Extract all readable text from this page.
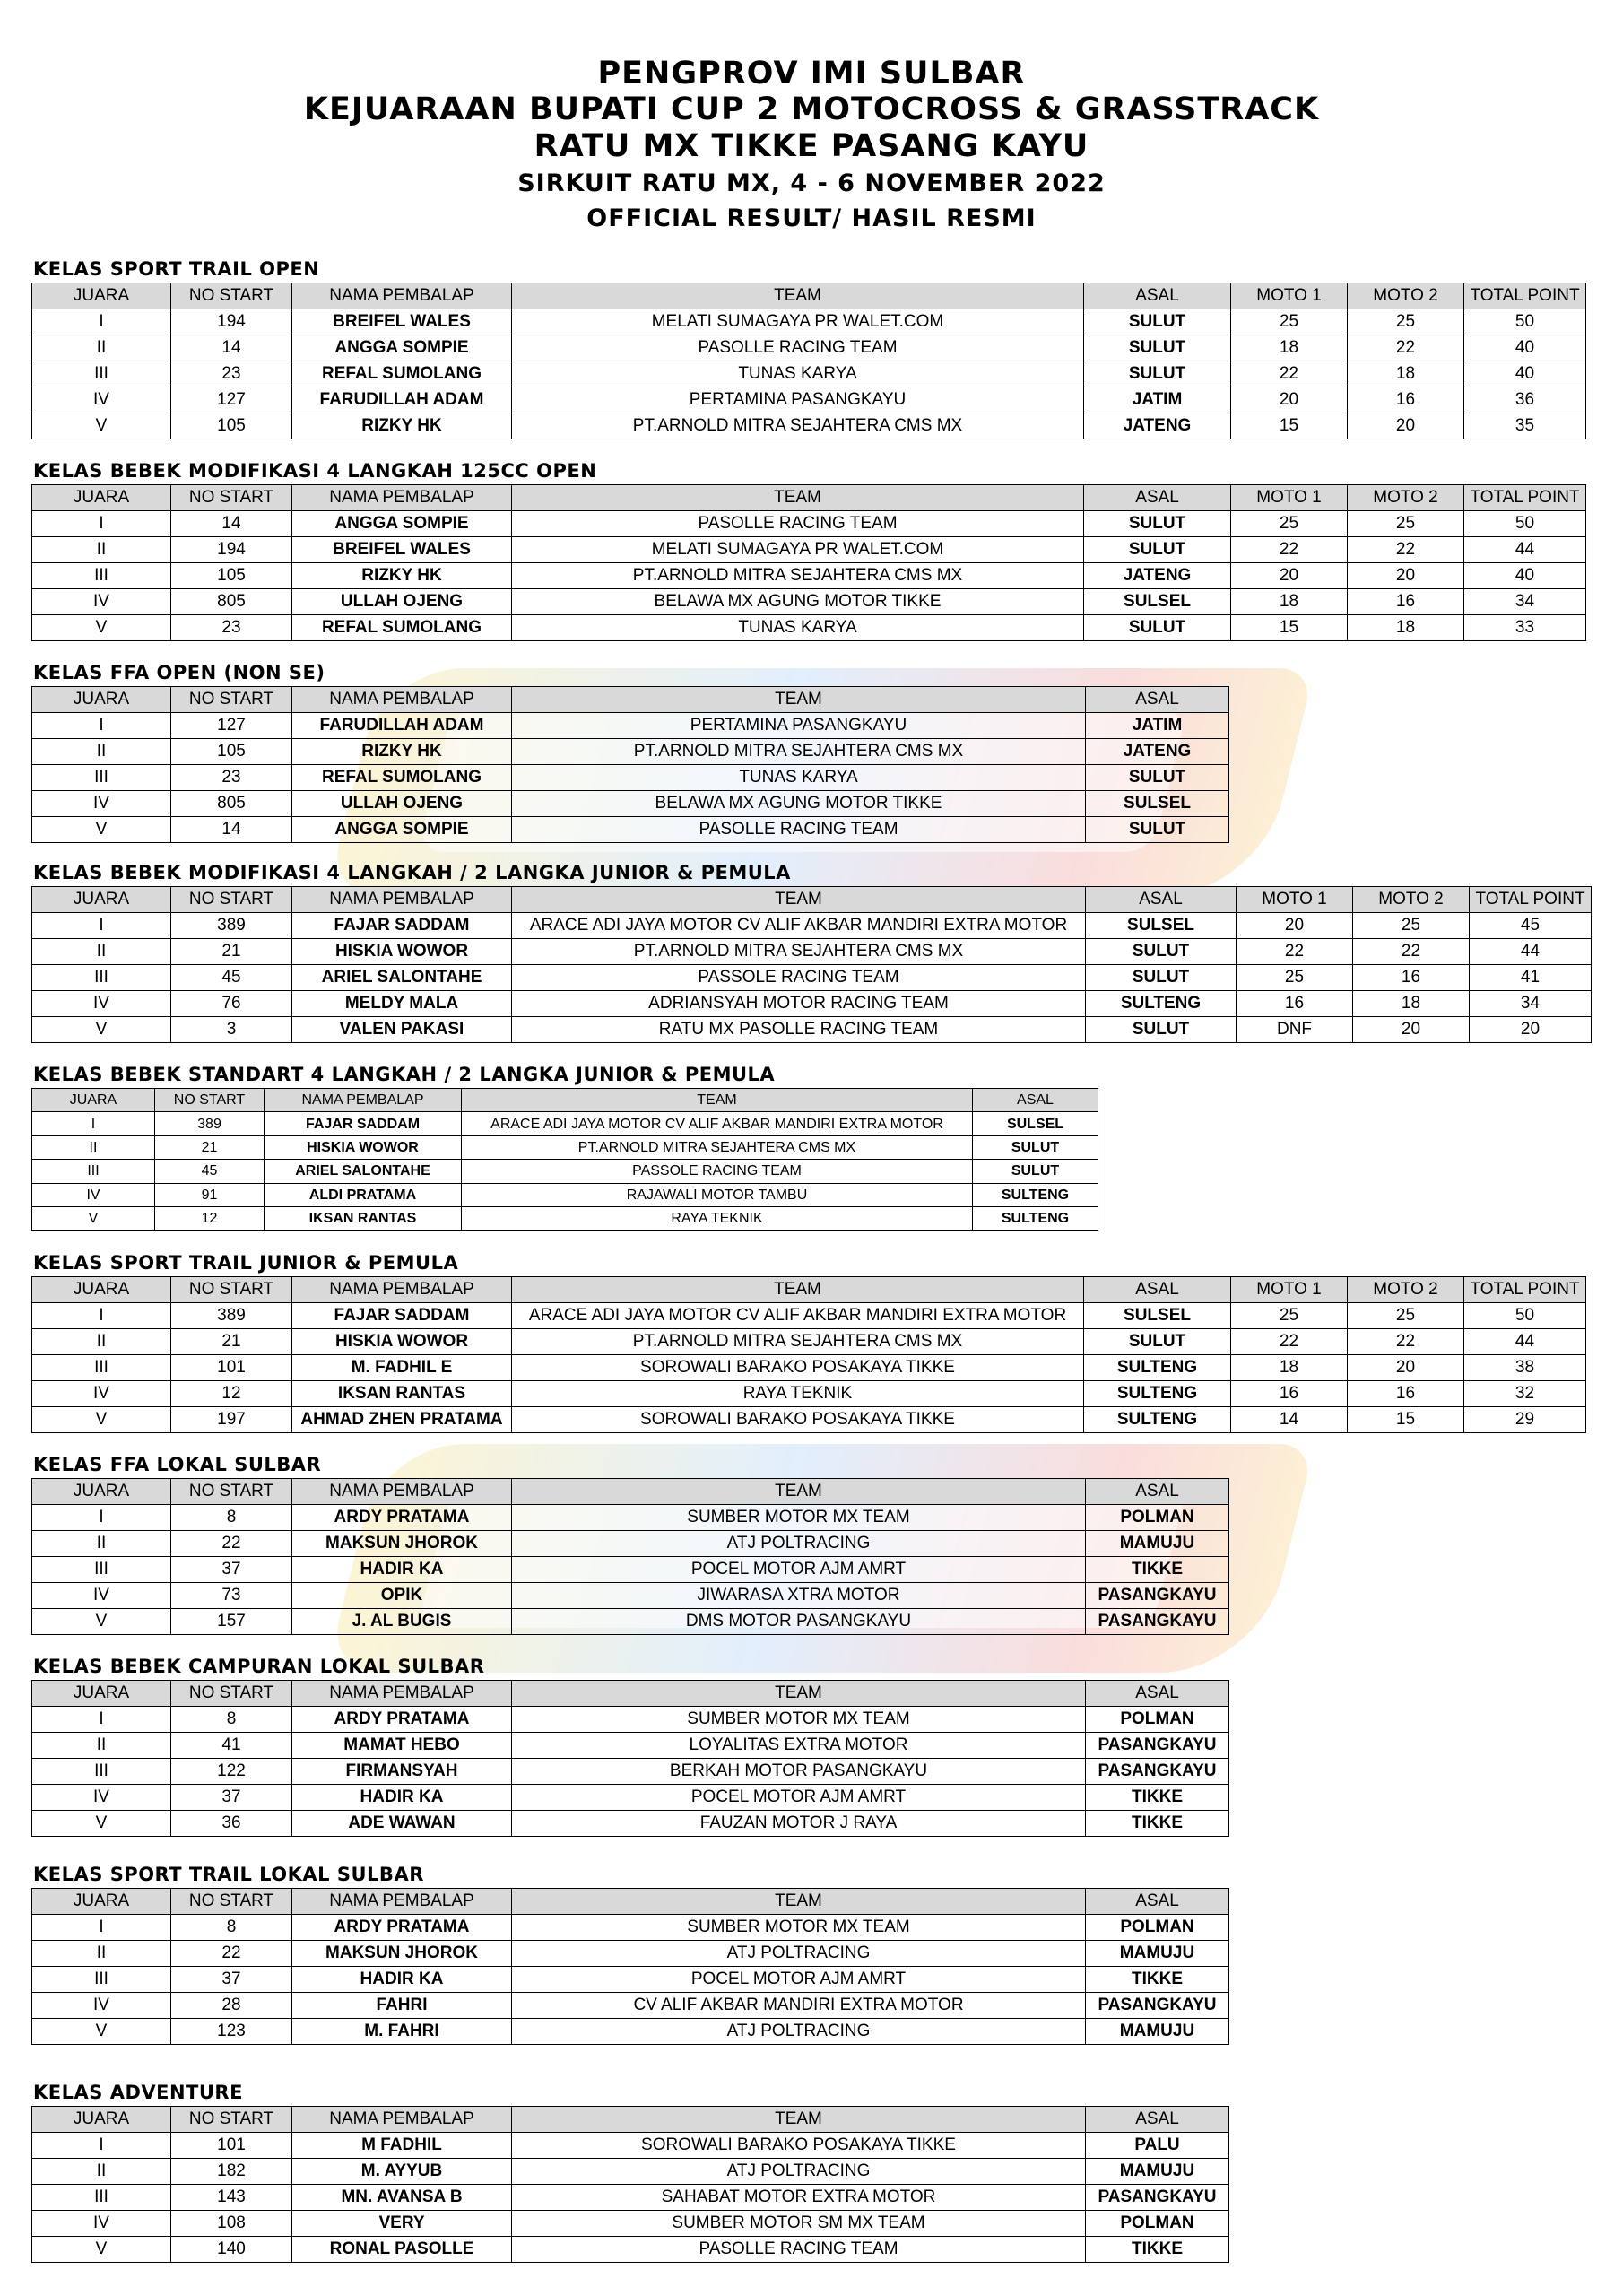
PENGPROV IMI SULBAR
KEJUARAAN BUPATI CUP 2 MOTOCROSS & GRASSTRACK
RATU MX TIKKE PASANG KAYU
SIRKUIT RATU MX, 4 - 6 NOVEMBER 2022
OFFICIAL RESULT/ HASIL RESMI
KELAS SPORT TRAIL OPEN
JUARA	NO START	NAMA PEMBALAP	TEAM	ASAL	MOTO 1	MOTO 2	TOTAL POINT
I	194	BREIFEL WALES	MELATI SUMAGAYA PR WALET.COM	SULUT	25	25	50
II	14	ANGGA SOMPIE	PASOLLE RACING TEAM	SULUT	18	22	40
III	23	REFAL SUMOLANG	TUNAS KARYA	SULUT	22	18	40
IV	127	FARUDILLAH ADAM	PERTAMINA PASANGKAYU	JATIM	20	16	36
V	105	RIZKY HK	PT.ARNOLD MITRA SEJAHTERA CMS MX	JATENG	15	20	35
KELAS BEBEK MODIFIKASI 4 LANGKAH 125CC OPEN
JUARA	NO START	NAMA PEMBALAP	TEAM	ASAL	MOTO 1	MOTO 2	TOTAL POINT
I	14	ANGGA SOMPIE	PASOLLE RACING TEAM	SULUT	25	25	50
II	194	BREIFEL WALES	MELATI SUMAGAYA PR WALET.COM	SULUT	22	22	44
III	105	RIZKY HK	PT.ARNOLD MITRA SEJAHTERA CMS MX	JATENG	20	20	40
IV	805	ULLAH OJENG	BELAWA MX AGUNG MOTOR TIKKE	SULSEL	18	16	34
V	23	REFAL SUMOLANG	TUNAS KARYA	SULUT	15	18	33
KELAS FFA OPEN (NON SE)
JUARA	NO START	NAMA PEMBALAP	TEAM	ASAL
I	127	FARUDILLAH ADAM	PERTAMINA PASANGKAYU	JATIM
II	105	RIZKY HK	PT.ARNOLD MITRA SEJAHTERA CMS MX	JATENG
III	23	REFAL SUMOLANG	TUNAS KARYA	SULUT
IV	805	ULLAH OJENG	BELAWA MX AGUNG MOTOR TIKKE	SULSEL
V	14	ANGGA SOMPIE	PASOLLE RACING TEAM	SULUT
KELAS BEBEK MODIFIKASI 4 LANGKAH / 2 LANGKA JUNIOR & PEMULA
JUARA	NO START	NAMA PEMBALAP	TEAM	ASAL	MOTO 1	MOTO 2	TOTAL POINT
I	389	FAJAR SADDAM	ARACE ADI JAYA MOTOR CV ALIF AKBAR MANDIRI EXTRA MOTOR	SULSEL	20	25	45
II	21	HISKIA WOWOR	PT.ARNOLD MITRA SEJAHTERA CMS MX	SULUT	22	22	44
III	45	ARIEL SALONTAHE	PASSOLE RACING TEAM	SULUT	25	16	41
IV	76	MELDY MALA	ADRIANSYAH MOTOR RACING TEAM	SULTENG	16	18	34
V	3	VALEN PAKASI	RATU MX PASOLLE RACING TEAM	SULUT	DNF	20	20
KELAS BEBEK STANDART 4 LANGKAH / 2 LANGKA JUNIOR & PEMULA
JUARA	NO START	NAMA PEMBALAP	TEAM	ASAL
I	389	FAJAR SADDAM	ARACE ADI JAYA MOTOR CV ALIF AKBAR MANDIRI EXTRA MOTOR	SULSEL
II	21	HISKIA WOWOR	PT.ARNOLD MITRA SEJAHTERA CMS MX	SULUT
III	45	ARIEL SALONTAHE	PASSOLE RACING TEAM	SULUT
IV	91	ALDI PRATAMA	RAJAWALI MOTOR TAMBU	SULTENG
V	12	IKSAN RANTAS	RAYA TEKNIK	SULTENG
KELAS SPORT TRAIL JUNIOR & PEMULA
JUARA	NO START	NAMA PEMBALAP	TEAM	ASAL	MOTO 1	MOTO 2	TOTAL POINT
I	389	FAJAR SADDAM	ARACE ADI JAYA MOTOR CV ALIF AKBAR MANDIRI EXTRA MOTOR	SULSEL	25	25	50
II	21	HISKIA WOWOR	PT.ARNOLD MITRA SEJAHTERA CMS MX	SULUT	22	22	44
III	101	M. FADHIL E	SOROWALI BARAKO POSAKAYA TIKKE	SULTENG	18	20	38
IV	12	IKSAN RANTAS	RAYA TEKNIK	SULTENG	16	16	32
V	197	AHMAD ZHEN PRATAMA	SOROWALI BARAKO POSAKAYA TIKKE	SULTENG	14	15	29
KELAS FFA LOKAL SULBAR
JUARA	NO START	NAMA PEMBALAP	TEAM	ASAL
I	8	ARDY PRATAMA	SUMBER MOTOR MX TEAM	POLMAN
II	22	MAKSUN JHOROK	ATJ POLTRACING	MAMUJU
III	37	HADIR KA	POCEL MOTOR AJM AMRT	TIKKE
IV	73	OPIK	JIWARASA XTRA MOTOR	PASANGKAYU
V	157	J. AL BUGIS	DMS MOTOR PASANGKAYU	PASANGKAYU
KELAS BEBEK CAMPURAN LOKAL SULBAR
JUARA	NO START	NAMA PEMBALAP	TEAM	ASAL
I	8	ARDY PRATAMA	SUMBER MOTOR MX TEAM	POLMAN
II	41	MAMAT HEBO	LOYALITAS EXTRA MOTOR	PASANGKAYU
III	122	FIRMANSYAH	BERKAH MOTOR PASANGKAYU	PASANGKAYU
IV	37	HADIR KA	POCEL MOTOR AJM AMRT	TIKKE
V	36	ADE WAWAN	FAUZAN MOTOR J RAYA	TIKKE
KELAS SPORT TRAIL LOKAL SULBAR
JUARA	NO START	NAMA PEMBALAP	TEAM	ASAL
I	8	ARDY PRATAMA	SUMBER MOTOR MX TEAM	POLMAN
II	22	MAKSUN JHOROK	ATJ POLTRACING	MAMUJU
III	37	HADIR KA	POCEL MOTOR AJM AMRT	TIKKE
IV	28	FAHRI	CV ALIF AKBAR MANDIRI EXTRA MOTOR	PASANGKAYU
V	123	M. FAHRI	ATJ POLTRACING	MAMUJU
KELAS ADVENTURE
JUARA	NO START	NAMA PEMBALAP	TEAM	ASAL
I	101	M FADHIL	SOROWALI BARAKO POSAKAYA TIKKE	PALU
II	182	M. AYYUB	ATJ POLTRACING	MAMUJU
III	143	MN. AVANSA B	SAHABAT MOTOR EXTRA MOTOR	PASANGKAYU
IV	108	VERY	SUMBER MOTOR SM MX TEAM	POLMAN
V	140	RONAL PASOLLE	PASOLLE RACING TEAM	TIKKE
